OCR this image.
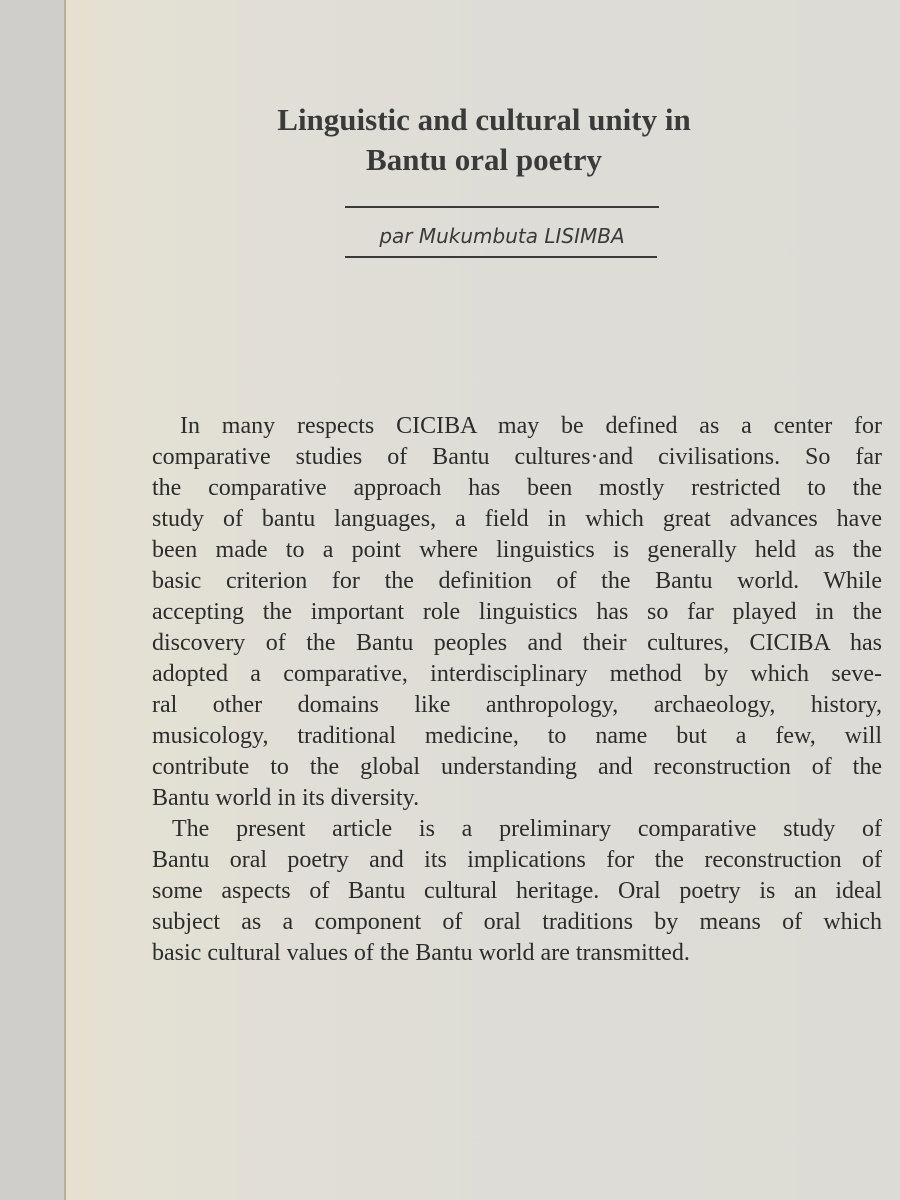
Linguistic and cultural unity in
Bantu oral poetry
par Mukumbuta LISIMBA
In many respects CICIBA may be defined as a center for
comparative studies of Bantu cultures·and civilisations. So far
the comparative approach has been mostly restricted to the
study of bantu languages, a field in which great advances have
been made to a point where linguistics is generally held as the
basic criterion for the definition of the Bantu world. While
accepting the important role linguistics has so far played in the
discovery of the Bantu peoples and their cultures, CICIBA has
adopted a comparative, interdisciplinary method by which seve-
ral other domains like anthropology, archaeology, history,
musicology, traditional medicine, to name but a few, will
contribute to the global understanding and reconstruction of the
Bantu world in its diversity.
The present article is a preliminary comparative study of
Bantu oral poetry and its implications for the reconstruction of
some aspects of Bantu cultural heritage. Oral poetry is an ideal
subject as a component of oral traditions by means of which
basic cultural values of the Bantu world are transmitted.
